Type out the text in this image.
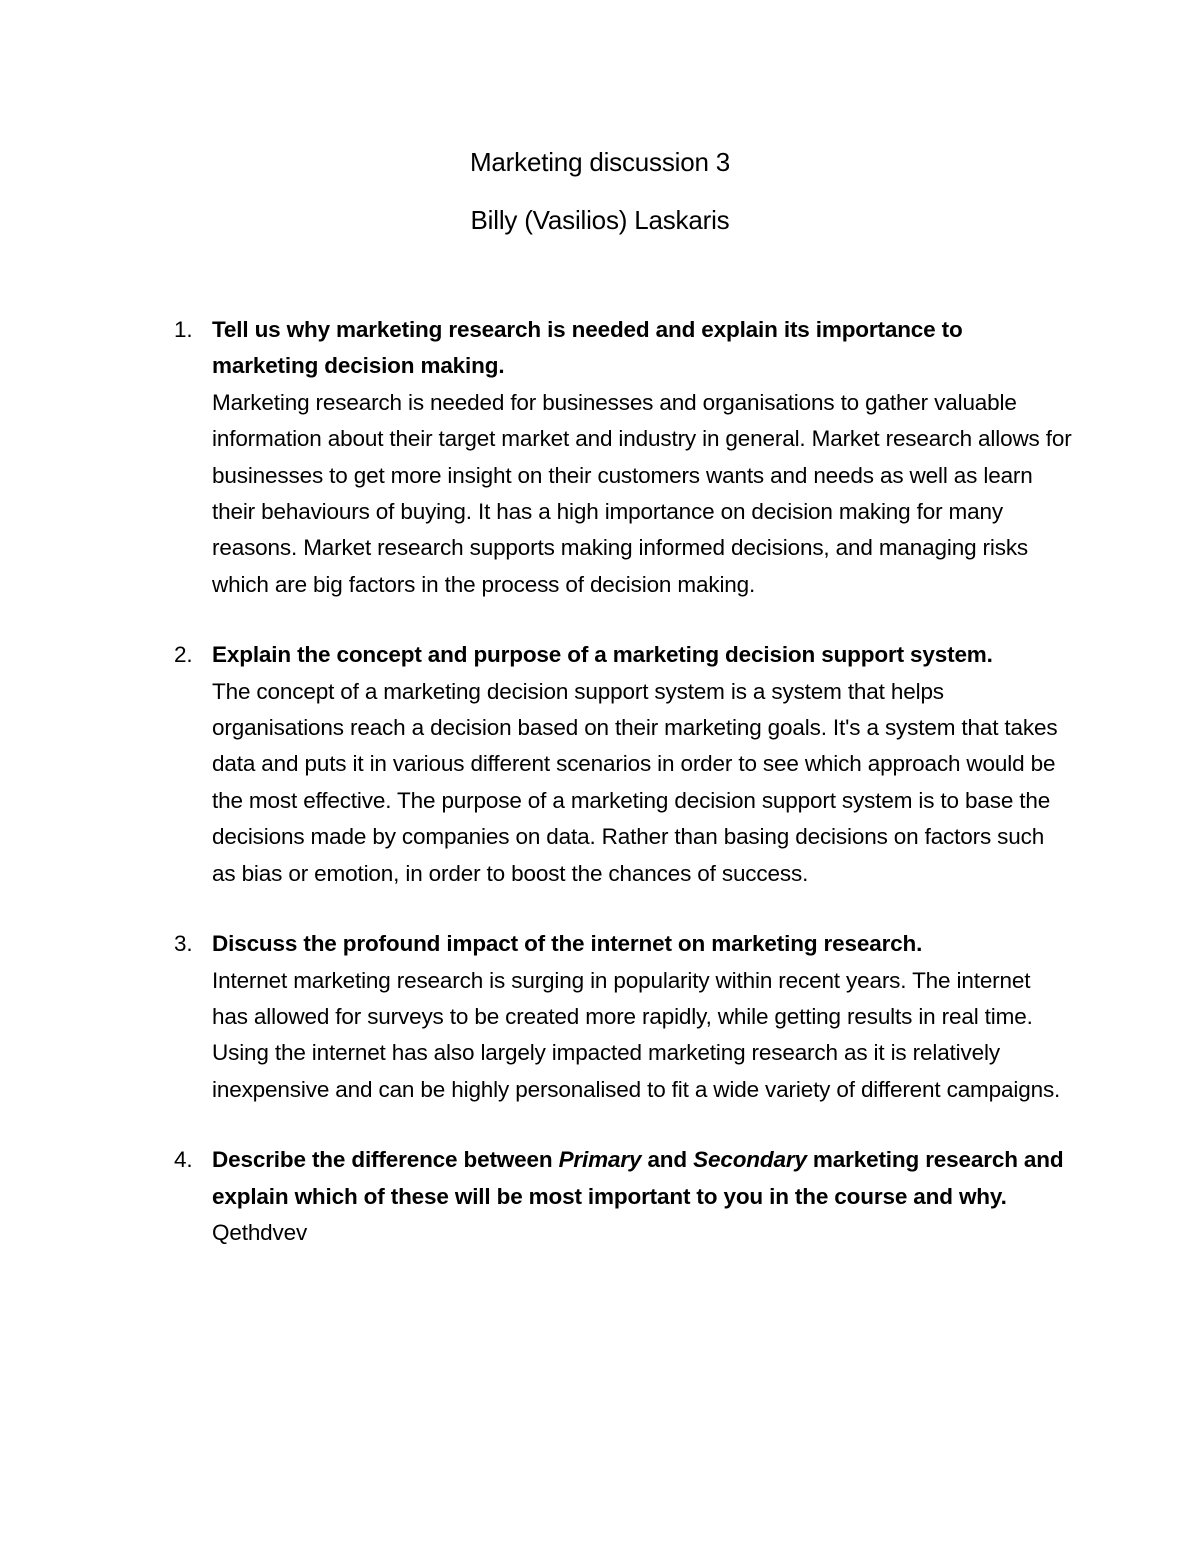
Marketing discussion 3
Billy (Vasilios) Laskaris
1. Tell us why marketing research is needed and explain its importance to marketing decision making.
Marketing research is needed for businesses and organisations to gather valuable information about their target market and industry in general. Market research allows for businesses to get more insight on their customers wants and needs as well as learn their behaviours of buying. It has a high importance on decision making for many reasons. Market research supports making informed decisions, and managing risks which are big factors in the process of decision making.
2. Explain the concept and purpose of a marketing decision support system.
The concept of a marketing decision support system is a system that helps organisations reach a decision based on their marketing goals. It's a system that takes data and puts it in various different scenarios in order to see which approach would be the most effective. The purpose of a marketing decision support system is to base the decisions made by companies on data. Rather than basing decisions on factors such as bias or emotion, in order to boost the chances of success.
3. Discuss the profound impact of the internet on marketing research.
Internet marketing research is surging in popularity within recent years. The internet has allowed for surveys to be created more rapidly, while getting results in real time. Using the internet has also largely impacted marketing research as it is relatively inexpensive and can be highly personalised to fit a wide variety of different campaigns.
4. Describe the difference between Primary and Secondary marketing research and explain which of these will be most important to you in the course and why.
Qethdvev
